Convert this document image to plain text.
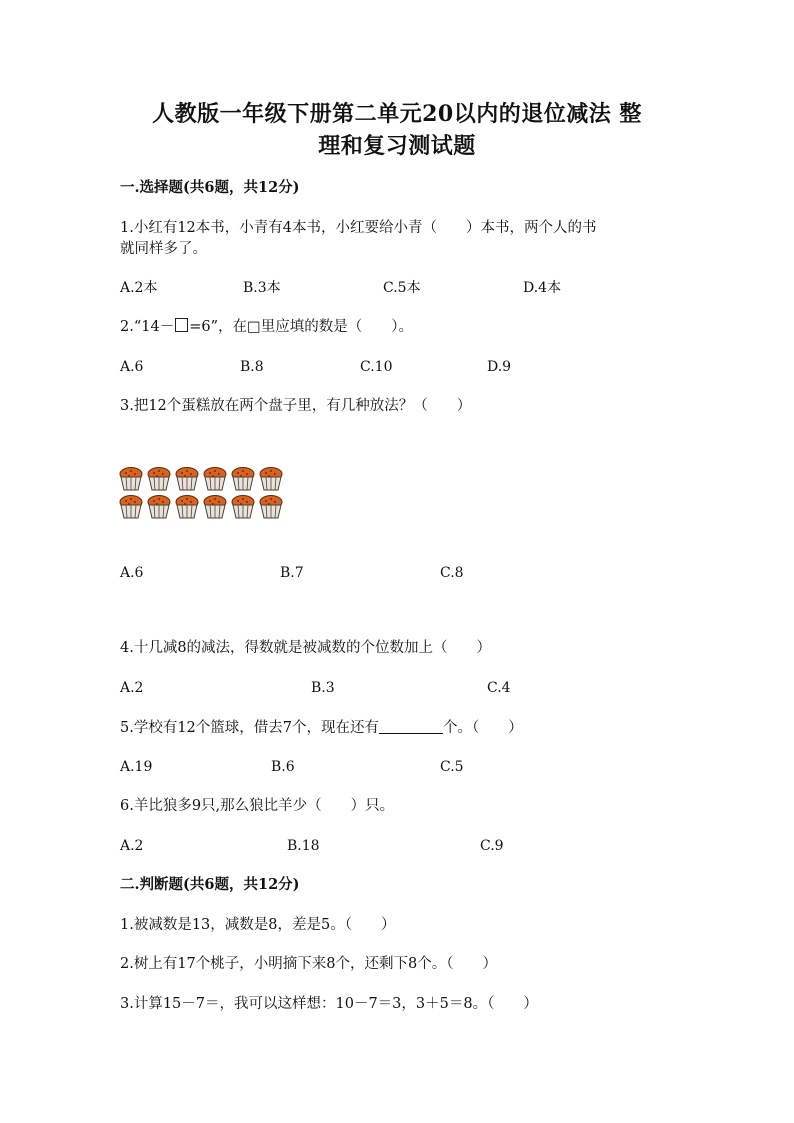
人教版一年级下册第二单元20以内的退位减法 整
理和复习测试题
一.选择题(共6题，共12分)
1.小红有12本书，小青有4本书，小红要给小青（　　）本书，两个人的书
就同样多了。
A.2本	B.3本	C.5本	D.4本
2.“14－ =6”，在□里应填的数是（　　）。
A.6	B.8	C.10	D.9
3.把12个蛋糕放在两个盘子里，有几种放法？（　　）
A.6	B.7	C.8
4.十几减8的减法，得数就是被减数的个位数加上（　　）
A.2	B.3	C.4
5.学校有12个篮球，借去7个，现在还有	个。（　　）
A.19	B.6	C.5
6.羊比狼多9只,那么狼比羊少（　　）只。
A.2	B.18	C.9
二.判断题(共6题，共12分)
1.被减数是13，减数是8，差是5。（　　）
2.树上有17个桃子，小明摘下来8个，还剩下8个。（　　）
3.计算15－7＝，我可以这样想：10－7＝3，3＋5＝8。（　　）
